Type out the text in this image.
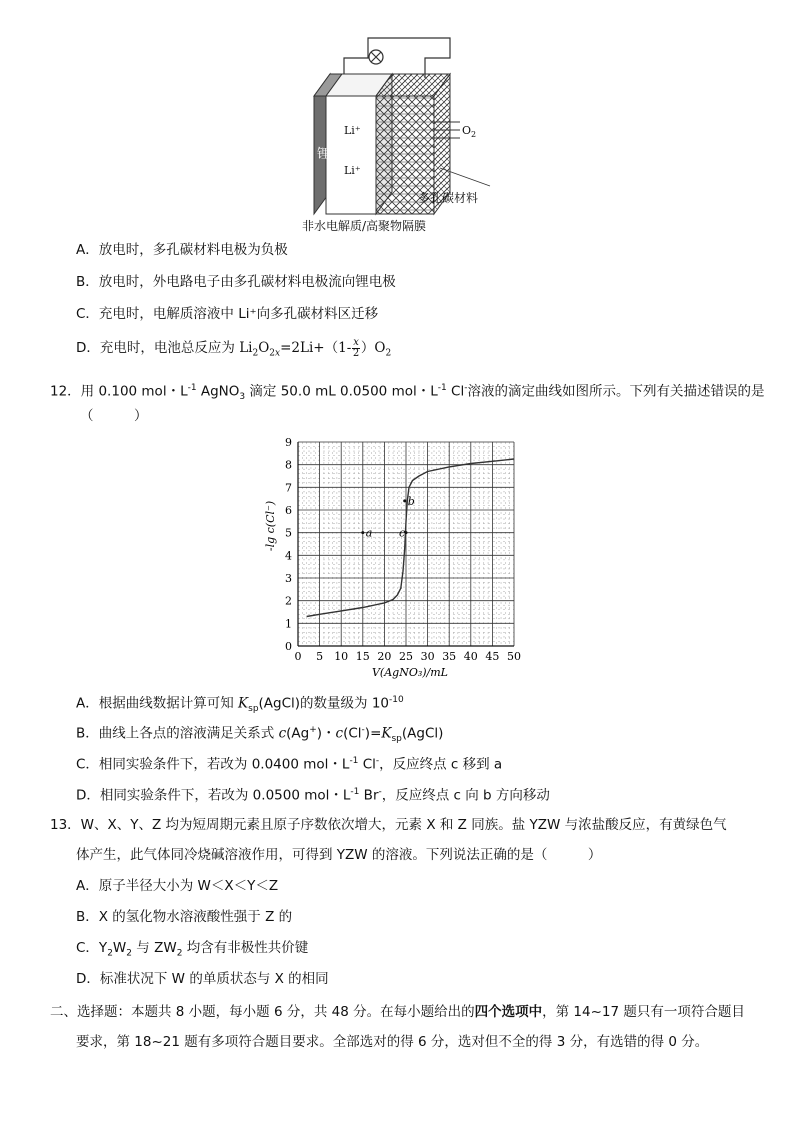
锂
Li⁺
Li⁺
$O_2$
多孔碳材料
非水电解质/高聚物隔膜
A．放电时，多孔碳材料电极为负极
B．放电时，外电路电子由多孔碳材料电极流向锂电极
C．充电时，电解质溶液中 Li⁺向多孔碳材料区迁移
D．充电时，电池总反应为 $Li_2O_{2x}=2Li+(1- \frac{x}{2} )O_2$
12．用 0.100 mol・$L^{-1}$ AgNO$_3$ 滴定 50.0 mL 0.0500 mol・$L^{-1}$ Cl-溶液的滴定曲线如图所示。下列有关描述错误的是
（　　　）
0 5 10 15 20 25 30 35 40 45 50
0
1
2
3
4
5
6
7
8
9
a
b
c
-lg c(Cl⁻)
V(AgNO₃)/mL
A．根据曲线数据计算可知 $K_{sp}(AgCl)$的数量级为 $10^{-10}$
B．曲线上各点的溶液满足关系式 c(Ag+)・$c(Cl^-)=K_{sp}(AgCl)$
C．相同实验条件下，若改为 0.0400 mol・$L^{-1}$ Cl-，反应终点 c 移到 a
D．相同实验条件下，若改为 0.0500 mol・$L^{-1}$ Br-，反应终点 c 向 b 方向移动
13．W、X、Y、Z 均为短周期元素且原子序数依次增大，元素 X 和 Z 同族。盐 YZW 与浓盐酸反应，有黄绿色气
体产生，此气体同冷烧碱溶液作用，可得到 YZW 的溶液。下列说法正确的是（　　　）
A．原子半径大小为 W＜X＜Y＜Z
B．X 的氢化物水溶液酸性强于 Z 的
C．$Y_2W_2$ 与 $ZW_2$ 均含有非极性共价键
D．标准状况下 W 的单质状态与 X 的相同
二、选择题：本题共 8 小题，每小题 6 分，共 48 分。在每小题给出的四个选项中，第 14~17 题只有一项符合题目
要求，第 18~21 题有多项符合题目要求。全部选对的得 6 分，选对但不全的得 3 分，有选错的得 0 分。
